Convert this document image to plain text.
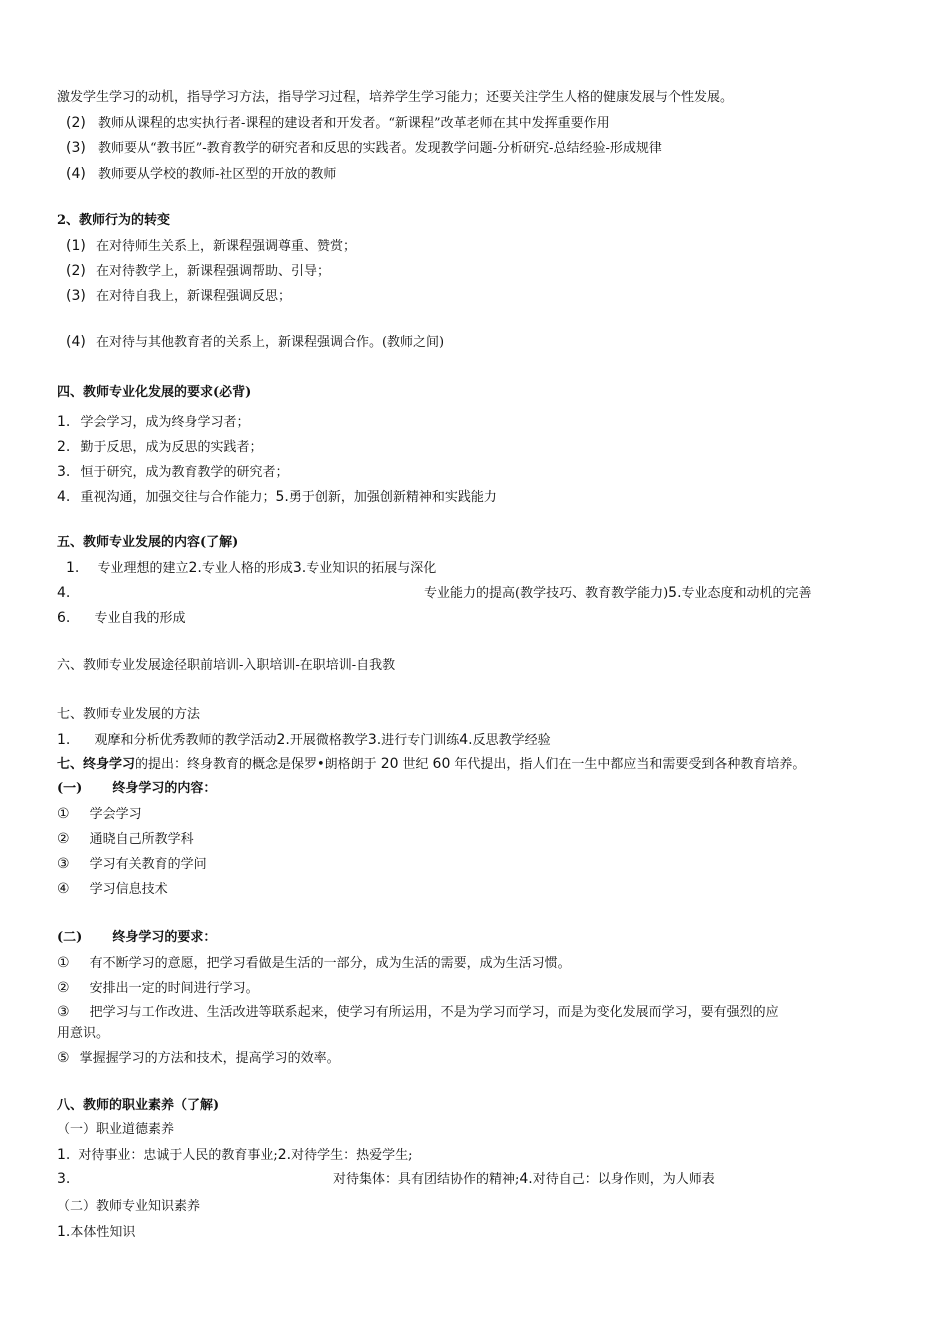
激发学生学习的动机，指导学习方法，指导学习过程，培养学生学习能力；还要关注学生人格的健康发展与个性发展。
(2) 教师从课程的忠实执行者-课程的建设者和开发者。“新课程”改革老师在其中发挥重要作用
(3) 教师要从“教书匠”-教育教学的研究者和反思的实践者。发现教学问题-分析研究-总结经验-形成规律
(4) 教师要从学校的教师-社区型的开放的教师
2、教师行为的转变
(1) 在对待师生关系上，新课程强调尊重、赞赏；
(2) 在对待教学上，新课程强调帮助、引导；
(3) 在对待自我上，新课程强调反思；
(4) 在对待与其他教育者的关系上，新课程强调合作。(教师之间)
四、教师专业化发展的要求(必背)
1. 学会学习，成为终身学习者；
2. 勤于反思，成为反思的实践者；
3. 恒于研究，成为教育教学的研究者；
4. 重视沟通，加强交往与合作能力；5.勇于创新，加强创新精神和实践能力
五、教师专业发展的内容(了解)
1. 专业理想的建立2.专业人格的形成3.专业知识的拓展与深化
4.	专业能力的提高(教学技巧、教育教学能力)5.专业态度和动机的完善
6. 专业自我的形成
六、教师专业发展途径职前培训-入职培训-在职培训-自我教
七、教师专业发展的方法
1. 观摩和分析优秀教师的教学活动2.开展微格教学3.进行专门训练4.反思教学经验
七、终身学习的提出：终身教育的概念是保罗•朗格朗于 20 世纪 60 年代提出，指人们在一生中都应当和需要受到各种教育培养。
(一) 终身学习的内容：
① 学会学习
② 通晓自己所教学科
③ 学习有关教育的学问
④ 学习信息技术
(二) 终身学习的要求：
① 有不断学习的意愿，把学习看做是生活的一部分，成为生活的需要，成为生活习惯。
② 安排出一定的时间进行学习。
③ 把学习与工作改进、生活改进等联系起来，使学习有所运用，不是为学习而学习，而是为变化发展而学习，要有强烈的应
用意识。
⑤ 掌握握学习的方法和技术，提高学习的效率。
八、教师的职业素养（了解)
（一）职业道德素养
1. 对待事业：忠诚于人民的教育事业;2.对待学生：热爱学生;
3.	对待集体：具有团结协作的精神;4.对待自己：以身作则，为人师表
（二）教师专业知识素养
1.本体性知识
